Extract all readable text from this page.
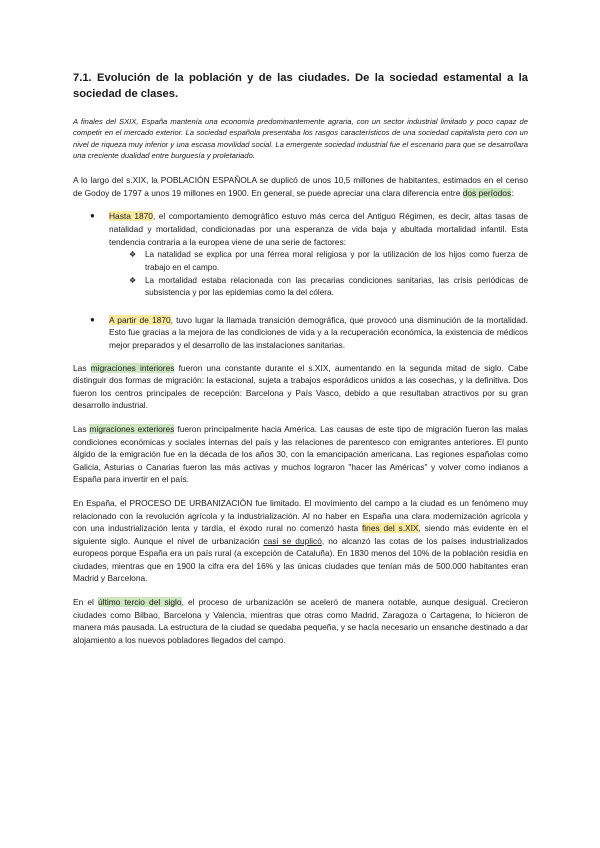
7.1. Evolución de la población y de las ciudades. De la sociedad estamental a la sociedad de clases.

A finales del SXIX, España mantenía una economía predominantemente agraria, con un sector industrial limitado y poco capaz de competir en el mercado exterior. La sociedad española presentaba los rasgos característicos de una sociedad capitalista pero con un nivel de riqueza muy inferior y una escasa movilidad social. La emergente sociedad industrial fue el escenario para que se desarrollara una creciente dualidad entre burguesía y proletariado.

A lo largo del s.XIX, la POBLACIÓN ESPAÑOLA se duplicó de unos 10,5 millones de habitantes, estimados en el censo de Godoy de 1797 a unos 19 millones en 1900. En general, se puede apreciar una clara diferencia entre dos períodos:

● Hasta 1870, el comportamiento demográfico estuvo más cerca del Antiguo Régimen, es decir, altas tasas de natalidad y mortalidad, condicionadas por una esperanza de vida baja y abultada mortalidad infantil. Esta tendencia contraria a la europea viene de una serie de factores:
❖ La natalidad se explica por una férrea moral religiosa y por la utilización de los hijos como fuerza de trabajo en el campo.
❖ La mortalidad estaba relacionada con las precarias condiciones sanitarias, las crisis periódicas de subsistencia y por las epidemias como la del cólera.
● A partir de 1870, tuvo lugar la llamada transición demográfica, que provocó una disminución de la mortalidad. Esto fue gracias a la mejora de las condiciones de vida y a la recuperación económica, la existencia de médicos mejor preparados y el desarrollo de las instalaciones sanitarias.

Las migraciones interiores fueron una constante durante el s.XIX, aumentando en la segunda mitad de siglo. Cabe distinguir dos formas de migración: la estacional, sujeta a trabajos esporádicos unidos a las cosechas, y la definitiva. Dos fueron los centros principales de recepción: Barcelona y País Vasco, debido a que resultaban atractivos por su gran desarrollo industrial.

Las migraciones exteriores fueron principalmente hacia América. Las causas de este tipo de migración fueron las malas condiciones económicas y sociales internas del país y las relaciones de parentesco con emigrantes anteriores. El punto álgido de la emigración fue en la década de los años 30, con la emancipación americana. Las regiones españolas como Galicia, Asturias o Canarias fueron las más activas y muchos lograron "hacer las Américas" y volver como indianos a España para invertir en el país.

En España, el PROCESO DE URBANIZACIÓN fue limitado. El movimiento del campo a la ciudad es un fenómeno muy relacionado con la revolución agrícola y la industrialización. Al no haber en España una clara modernización agrícola y con una industrialización lenta y tardía, el éxodo rural no comenzó hasta fines del s.XIX, siendo más evidente en el siguiente siglo. Aunque el nivel de urbanización casi se duplicó, no alcanzó las cotas de los países industrializados europeos porque España era un país rural (a excepción de Cataluña). En 1830 menos del 10% de la población residía en ciudades, mientras que en 1900 la cifra era del 16% y las únicas ciudades que tenían más de 500.000 habitantes eran Madrid y Barcelona.

En el último tercio del siglo, el proceso de urbanización se aceleró de manera notable, aunque desigual. Crecieron ciudades como Bilbao, Barcelona y Valencia, mientras que otras como Madrid, Zaragoza o Cartagena, lo hicieron de manera más pausada. La estructura de la ciudad se quedaba pequeña, y se hacía necesario un ensanche destinado a dar alojamiento a los nuevos pobladores llegados del campo.
